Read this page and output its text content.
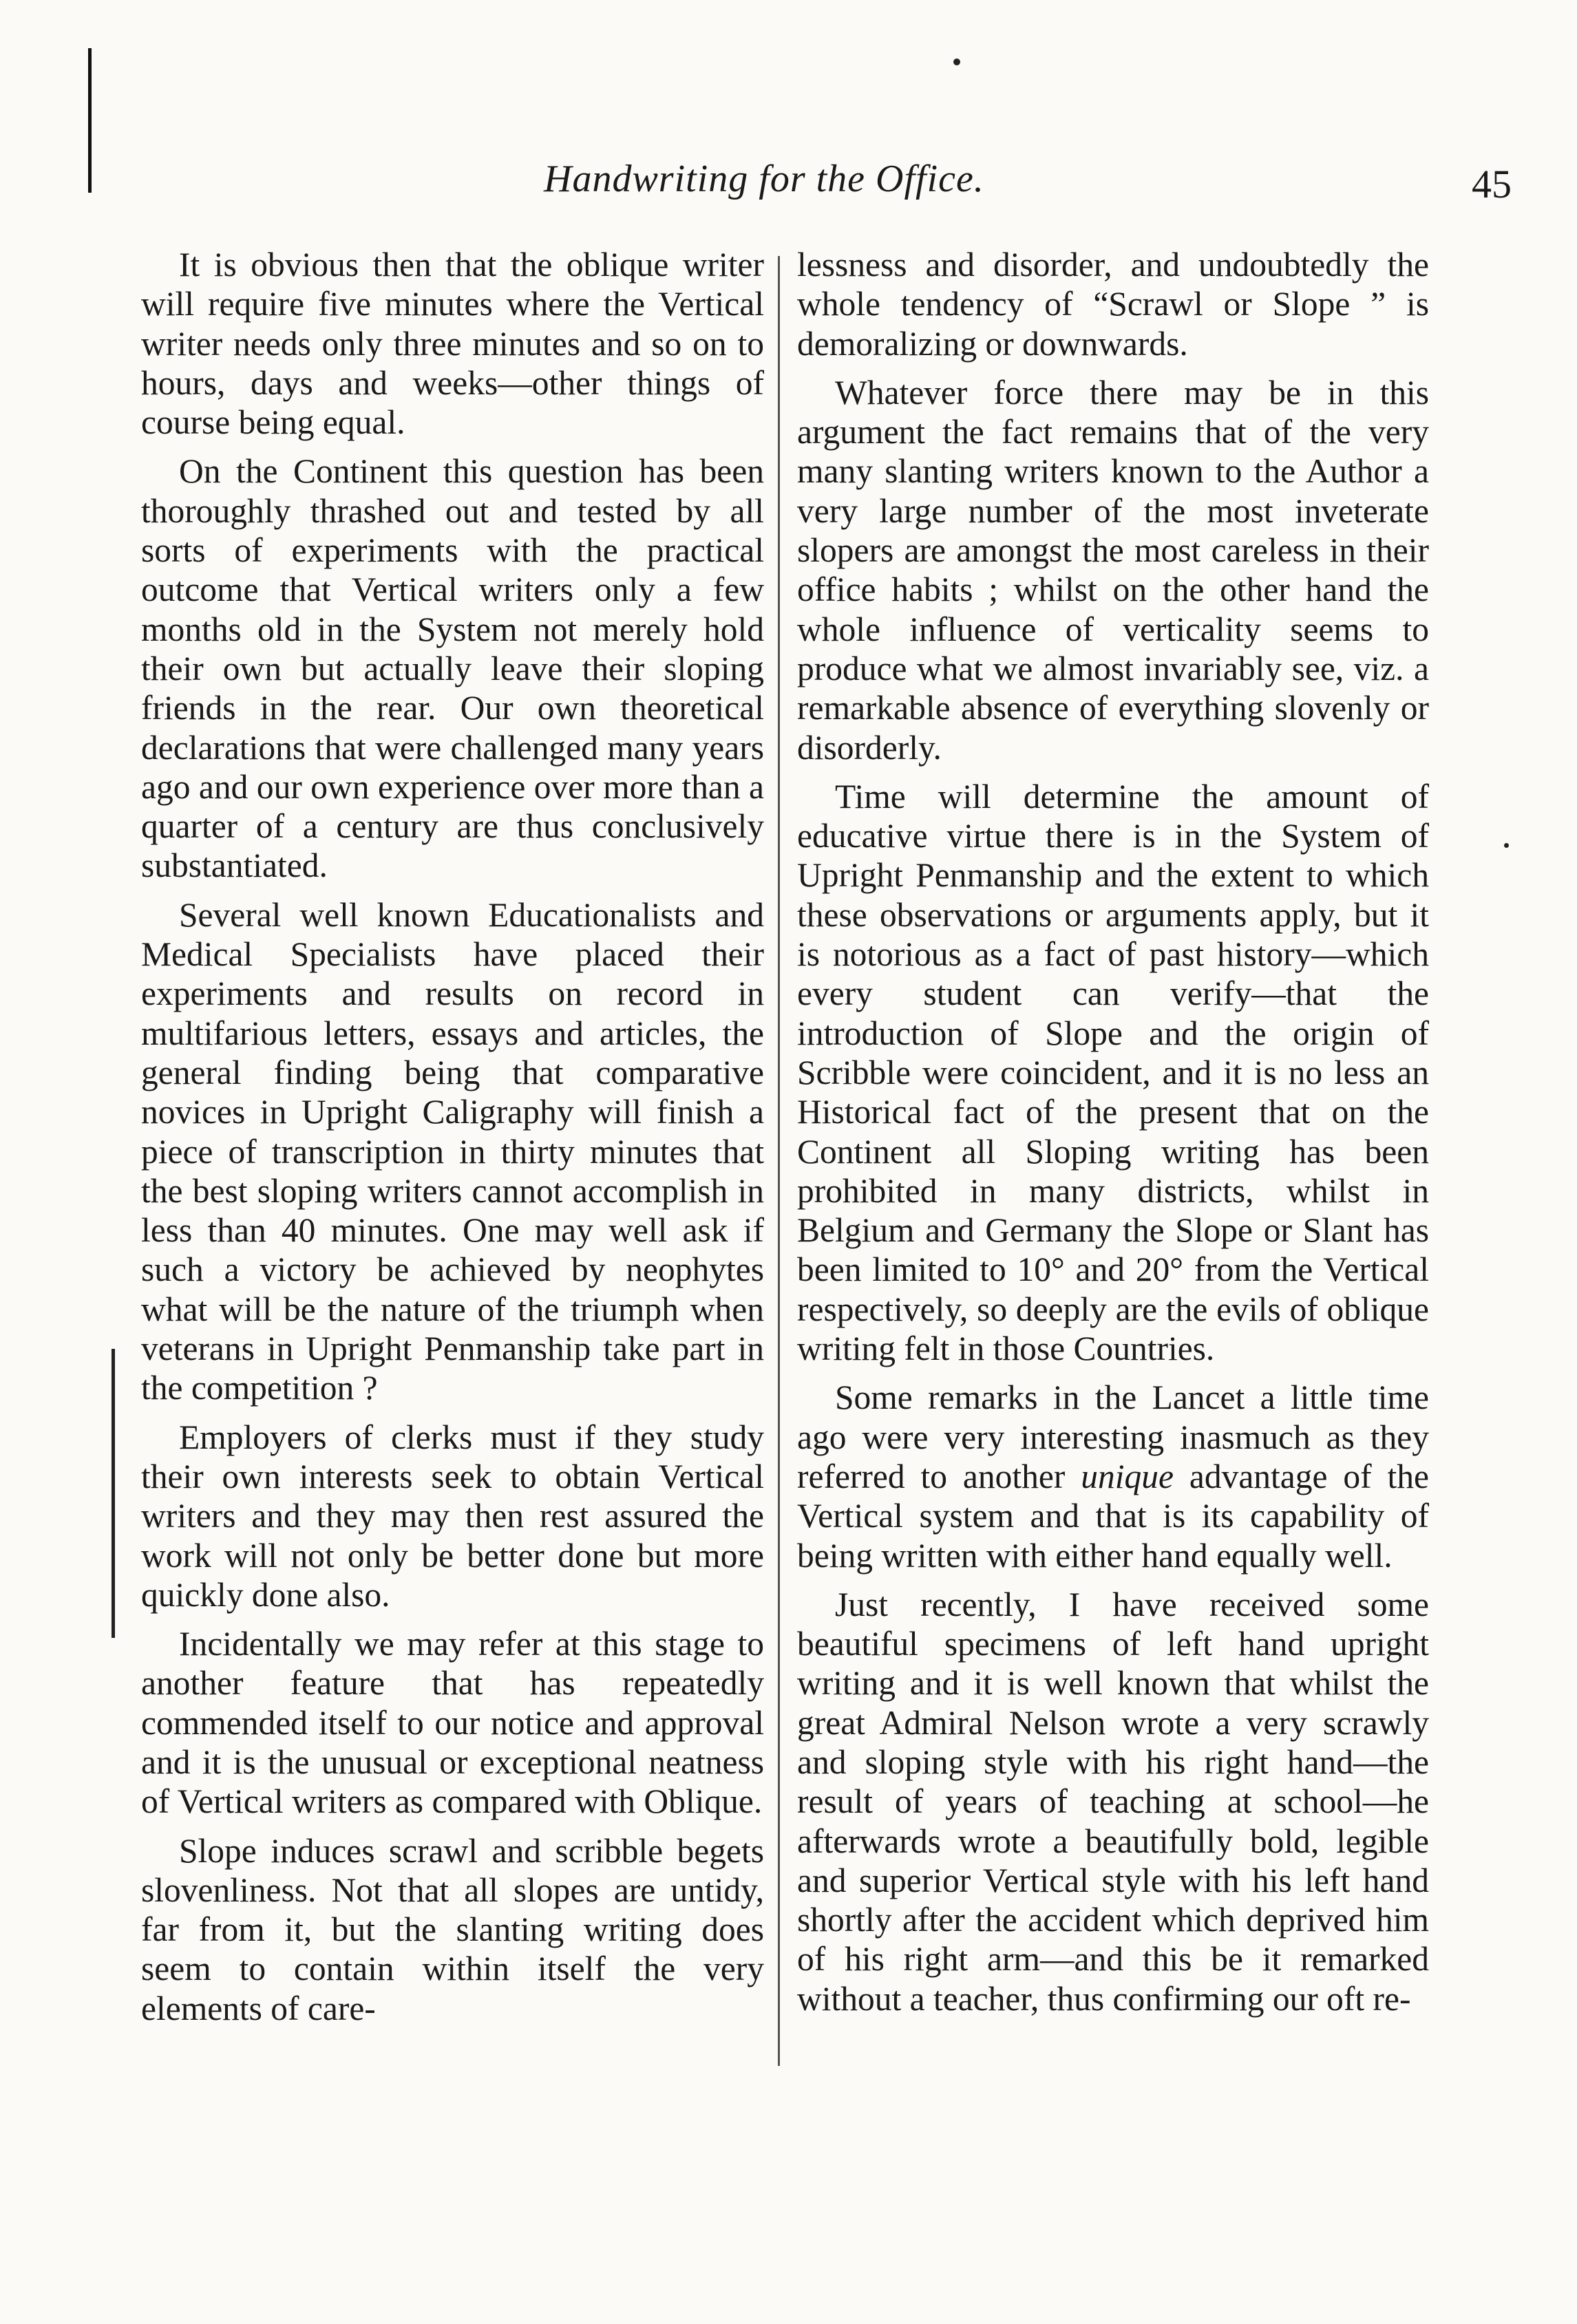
Handwriting for the Office.	45

It is obvious then that the oblique writer will require five minutes where the Vertical writer needs only three minutes and so on to hours, days and weeks—other things of course being equal.

On the Continent this question has been thoroughly thrashed out and tested by all sorts of experiments with the practical outcome that Vertical writers only a few months old in the System not merely hold their own but actually leave their sloping friends in the rear. Our own theoretical declarations that were challenged many years ago and our own experience over more than a quarter of a century are thus conclusively substantiated.

Several well known Educationalists and Medical Specialists have placed their experiments and results on record in multifarious letters, essays and articles, the general finding being that comparative novices in Upright Caligraphy will finish a piece of transcription in thirty minutes that the best sloping writers cannot accomplish in less than 40 minutes. One may well ask if such a victory be achieved by neophytes what will be the nature of the triumph when veterans in Upright Penmanship take part in the competition ?

Employers of clerks must if they study their own interests seek to obtain Vertical writers and they may then rest assured the work will not only be better done but more quickly done also.

Incidentally we may refer at this stage to another feature that has repeatedly commended itself to our notice and approval and it is the unusual or exceptional neatness of Vertical writers as compared with Oblique.

Slope induces scrawl and scribble begets slovenliness. Not that all slopes are untidy, far from it, but the slanting writing does seem to contain within itself the very elements of care-

lessness and disorder, and undoubtedly the whole tendency of “Scrawl or Slope ” is demoralizing or downwards.

Whatever force there may be in this argument the fact remains that of the very many slanting writers known to the Author a very large number of the most inveterate slopers are amongst the most careless in their office habits ; whilst on the other hand the whole influence of verticality seems to produce what we almost invariably see, viz. a remarkable absence of everything slovenly or disorderly.

Time will determine the amount of educative virtue there is in the System of Upright Penmanship and the extent to which these observations or arguments apply, but it is notorious as a fact of past history—which every student can verify—that the introduction of Slope and the origin of Scribble were coincident, and it is no less an Historical fact of the present that on the Continent all Sloping writing has been prohibited in many districts, whilst in Belgium and Germany the Slope or Slant has been limited to 10° and 20° from the Vertical respectively, so deeply are the evils of oblique writing felt in those Countries.

Some remarks in the Lancet a little time ago were very interesting inasmuch as they referred to another unique advantage of the Vertical system and that is its capability of being written with either hand equally well.

Just recently, I have received some beautiful specimens of left hand upright writing and it is well known that whilst the great Admiral Nelson wrote a very scrawly and sloping style with his right hand—the result of years of teaching at school—he afterwards wrote a beautifully bold, legible and superior Vertical style with his left hand shortly after the accident which deprived him of his right arm—and this be it remarked without a teacher, thus confirming our oft re-
